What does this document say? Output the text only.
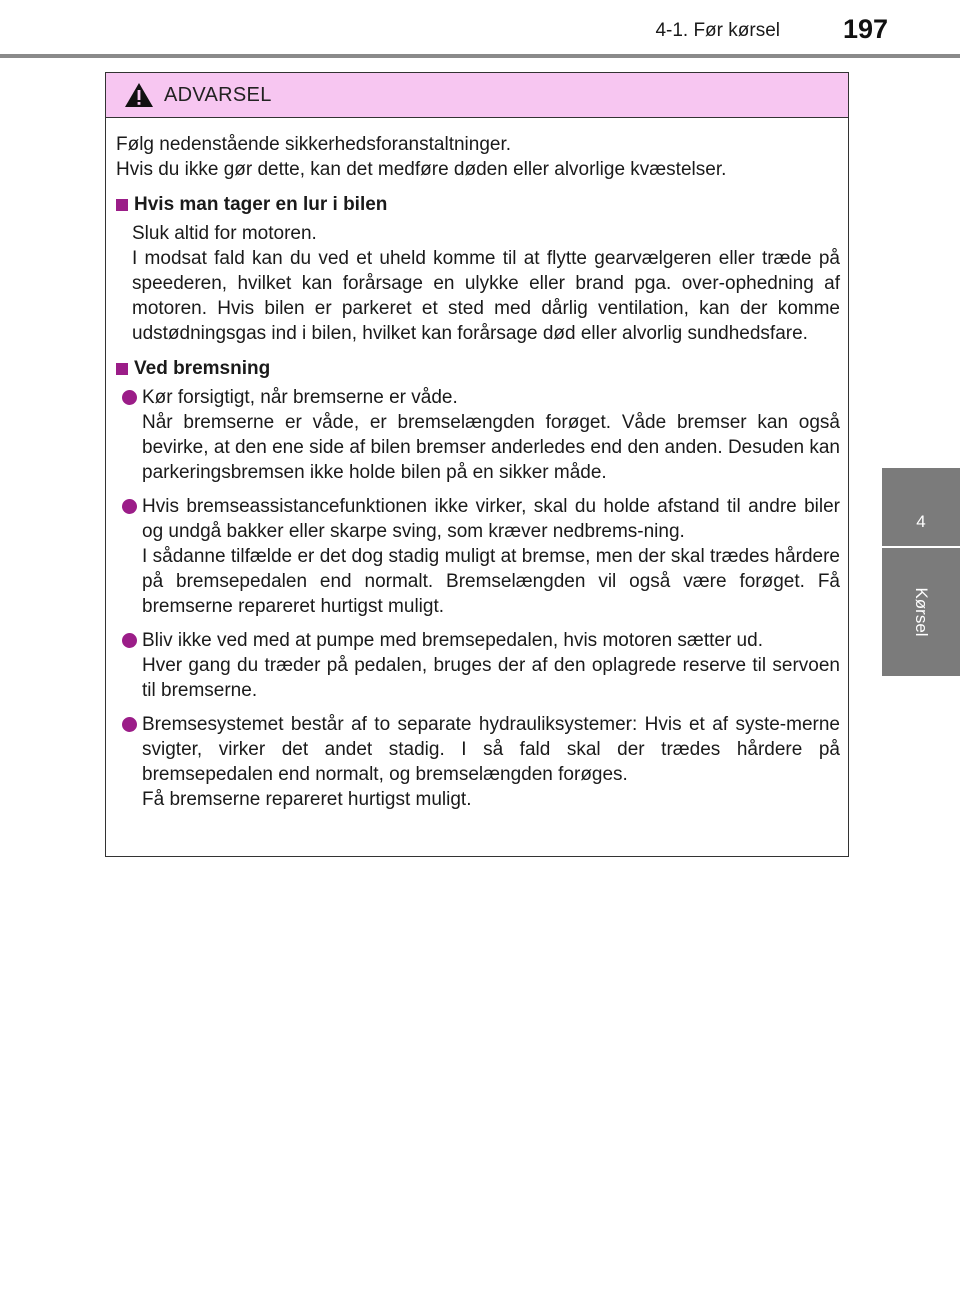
4-1. Før kørsel	197
4
Kørsel
ADVARSEL

Følg nedenstående sikkerhedsforanstaltninger.

Hvis du ikke gør dette, kan det medføre døden eller alvorlige kvæstelser.

Hvis man tager en lur i bilen

Sluk altid for motoren.

I modsat fald kan du ved et uheld komme til at flytte gearvælgeren eller træde på speederen, hvilket kan forårsage en ulykke eller brand pga. over-ophedning af motoren. Hvis bilen er parkeret et sted med dårlig ventilation, kan der komme udstødningsgas ind i bilen, hvilket kan forårsage død eller alvorlig sundhedsfare.

Ved bremsning

Kør forsigtigt, når bremserne er våde.

Når bremserne er våde, er bremselængden forøget. Våde bremser kan også bevirke, at den ene side af bilen bremser anderledes end den anden. Desuden kan parkeringsbremsen ikke holde bilen på en sikker måde.

Hvis bremseassistancefunktionen ikke virker, skal du holde afstand til andre biler og undgå bakker eller skarpe sving, som kræver nedbrems-ning.

I sådanne tilfælde er det dog stadig muligt at bremse, men der skal trædes hårdere på bremsepedalen end normalt. Bremselængden vil også være forøget. Få bremserne repareret hurtigst muligt.

Bliv ikke ved med at pumpe med bremsepedalen, hvis motoren sætter ud.

Hver gang du træder på pedalen, bruges der af den oplagrede reserve til servoen til bremserne.

Bremsesystemet består af to separate hydrauliksystemer: Hvis et af syste-merne svigter, virker det andet stadig. I så fald skal der trædes hårdere på bremsepedalen end normalt, og bremselængden forøges.

Få bremserne repareret hurtigst muligt.
